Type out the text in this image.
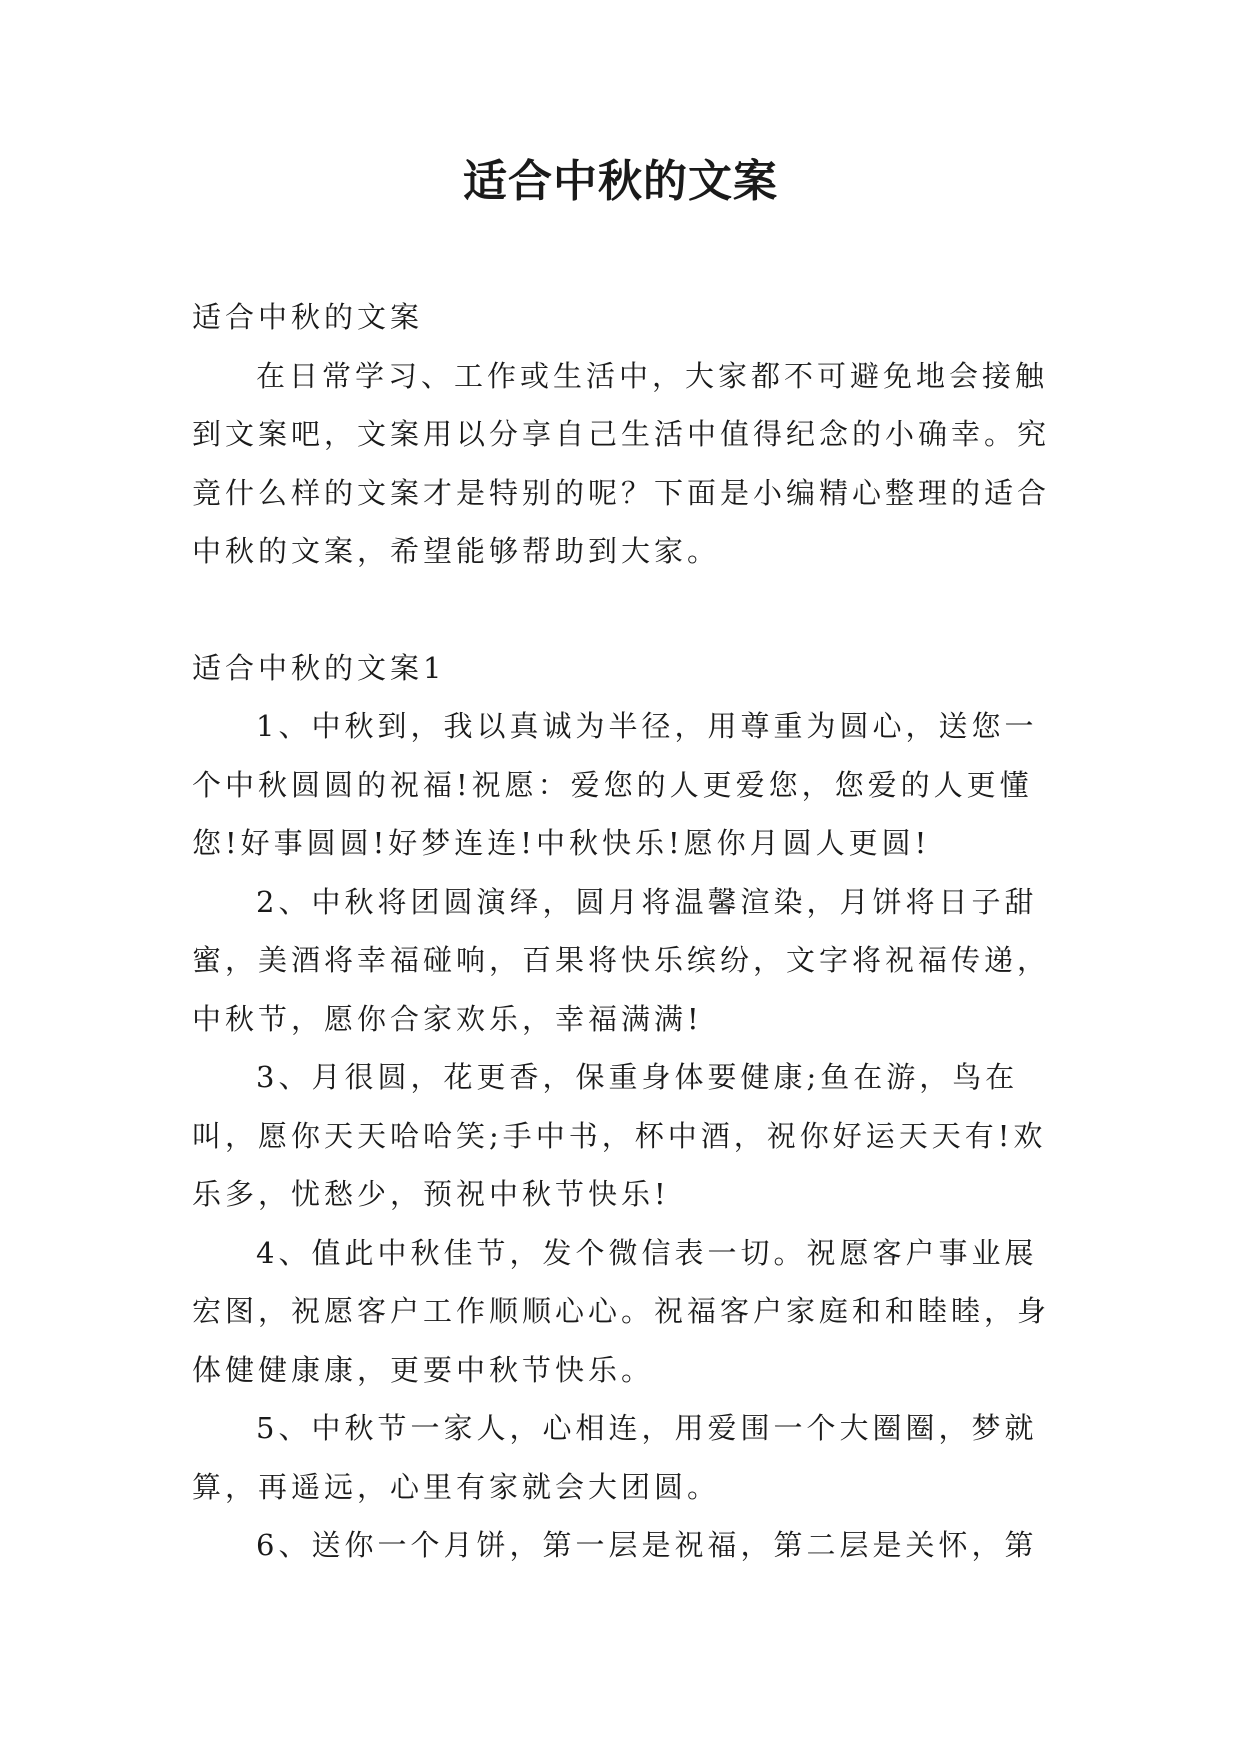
适合中秋的文案

适合中秋的文案

在日常学习、工作或生活中，大家都不可避免地会接触到文案吧，文案用以分享自己生活中值得纪念的小确幸。究竟什么样的文案才是特别的呢？下面是小编精心整理的适合中秋的文案，希望能够帮助到大家。

适合中秋的文案1

1、中秋到，我以真诚为半径，用尊重为圆心，送您一个中秋圆圆的祝福!祝愿：爱您的人更爱您，您爱的人更懂您!好事圆圆!好梦连连!中秋快乐!愿你月圆人更圆!

2、中秋将团圆演绎，圆月将温馨渲染，月饼将日子甜蜜，美酒将幸福碰响，百果将快乐缤纷，文字将祝福传递，中秋节，愿你合家欢乐，幸福满满!

3、月很圆，花更香，保重身体要健康;鱼在游，鸟在叫，愿你天天哈哈笑;手中书，杯中酒，祝你好运天天有!欢乐多，忧愁少，预祝中秋节快乐!

4、值此中秋佳节，发个微信表一切。祝愿客户事业展宏图，祝愿客户工作顺顺心心。祝福客户家庭和和睦睦，身体健健康康，更要中秋节快乐。

5、中秋节一家人，心相连，用爱围一个大圈圈，梦就算，再遥远，心里有家就会大团圆。

6、送你一个月饼，第一层是祝福，第二层是关怀，第
